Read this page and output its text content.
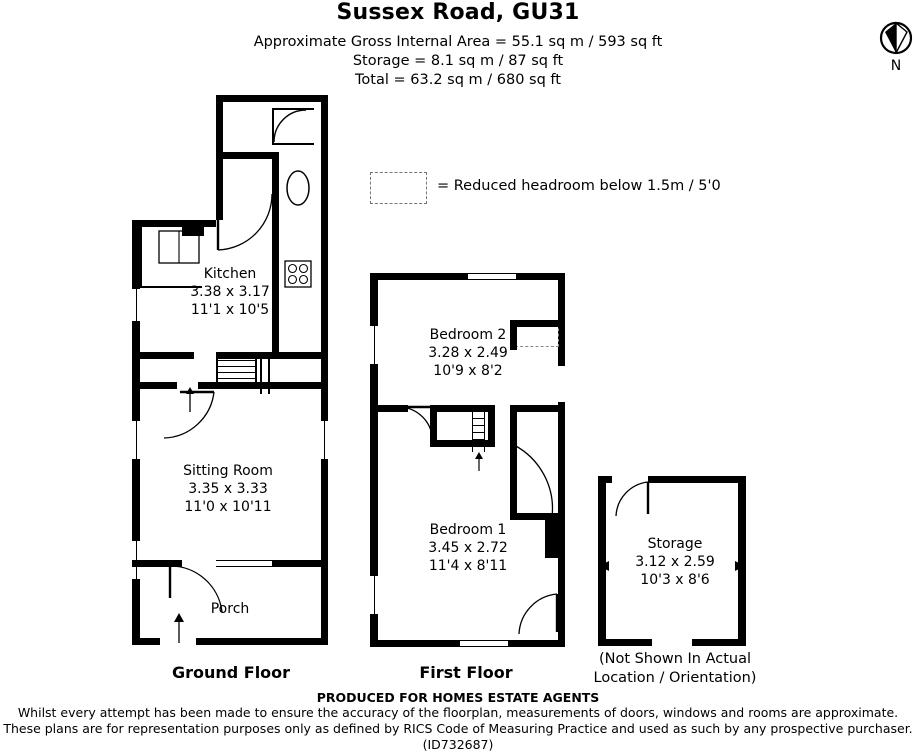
Sussex Road, GU31
Approximate Gross Internal Area = 55.1 sq m / 593 sq ft
Storage = 8.1 sq m / 87 sq ft
Total = 63.2 sq m / 680 sq ft
N
= Reduced headroom below 1.5m / 5'0
Kitchen
3.38 x 3.17
11'1 x 10'5
Sitting Room
3.35 x 3.33
11'0 x 10'11
Porch
Bedroom 2
3.28 x 2.49
10'9 x 8'2
Bedroom 1
3.45 x 2.72
11'4 x 8'11
Storage
3.12 x 2.59
10'3 x 8'6
Ground Floor	First Floor
(Not Shown In Actual
Location / Orientation)
PRODUCED FOR HOMES ESTATE AGENTS
Whilst every attempt has been made to ensure the accuracy of the floorplan, measurements of doors, windows and rooms are approximate.
These plans are for representation purposes only as defined by RICS Code of Measuring Practice and used as such by any prospective purchaser. (ID732687)
